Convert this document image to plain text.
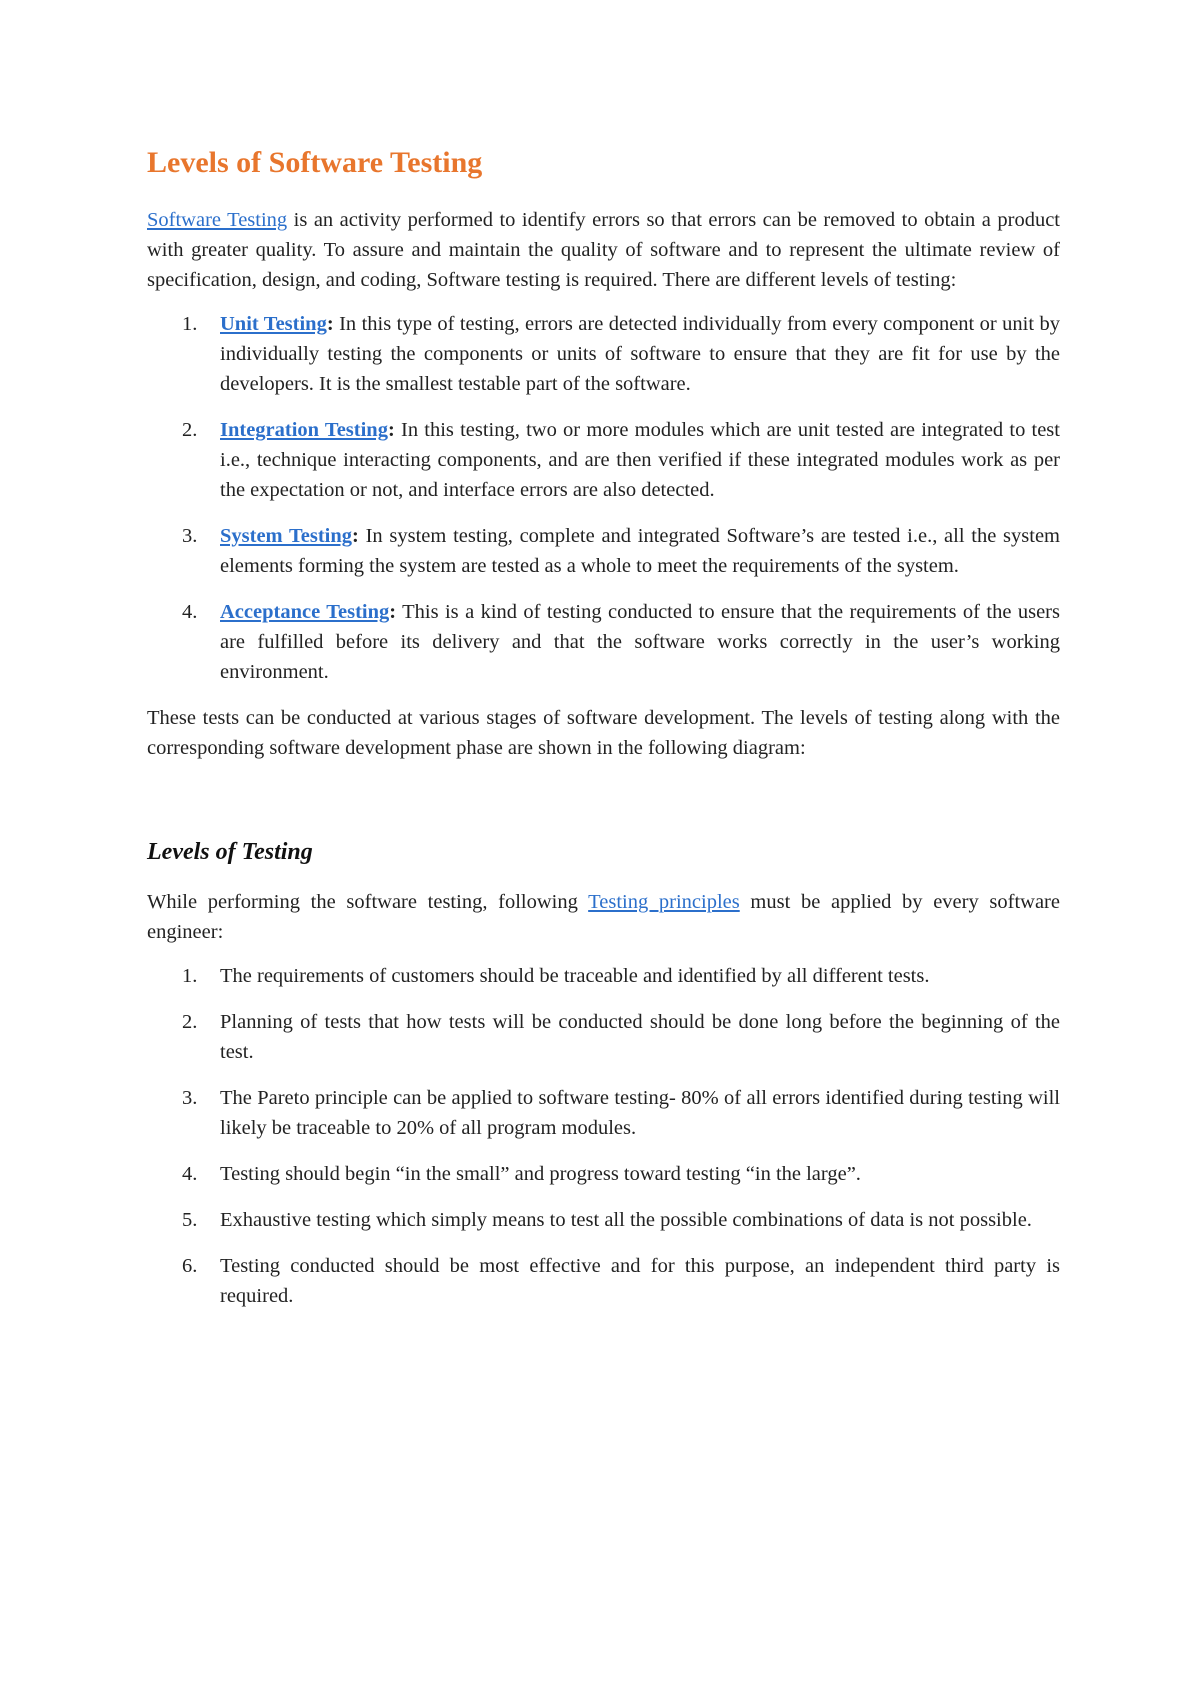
Levels of Software Testing

Software Testing is an activity performed to identify errors so that errors can be removed to obtain a product with greater quality. To assure and maintain the quality of software and to represent the ultimate review of specification, design, and coding, Software testing is required. There are different levels of testing:

1. Unit Testing: In this type of testing, errors are detected individually from every component or unit by individually testing the components or units of software to ensure that they are fit for use by the developers. It is the smallest testable part of the software.
2. Integration Testing: In this testing, two or more modules which are unit tested are integrated to test i.e., technique interacting components, and are then verified if these integrated modules work as per the expectation or not, and interface errors are also detected.
3. System Testing: In system testing, complete and integrated Software’s are tested i.e., all the system elements forming the system are tested as a whole to meet the requirements of the system.
4. Acceptance Testing: This is a kind of testing conducted to ensure that the requirements of the users are fulfilled before its delivery and that the software works correctly in the user’s working environment.

These tests can be conducted at various stages of software development. The levels of testing along with the corresponding software development phase are shown in the following diagram:

Levels of Testing

While performing the software testing, following Testing principles must be applied by every software engineer:

1. The requirements of customers should be traceable and identified by all different tests.
2. Planning of tests that how tests will be conducted should be done long before the beginning of the test.
3. The Pareto principle can be applied to software testing- 80% of all errors identified during testing will likely be traceable to 20% of all program modules.
4. Testing should begin “in the small” and progress toward testing “in the large”.
5. Exhaustive testing which simply means to test all the possible combinations of data is not possible.
6. Testing conducted should be most effective and for this purpose, an independent third party is required.
